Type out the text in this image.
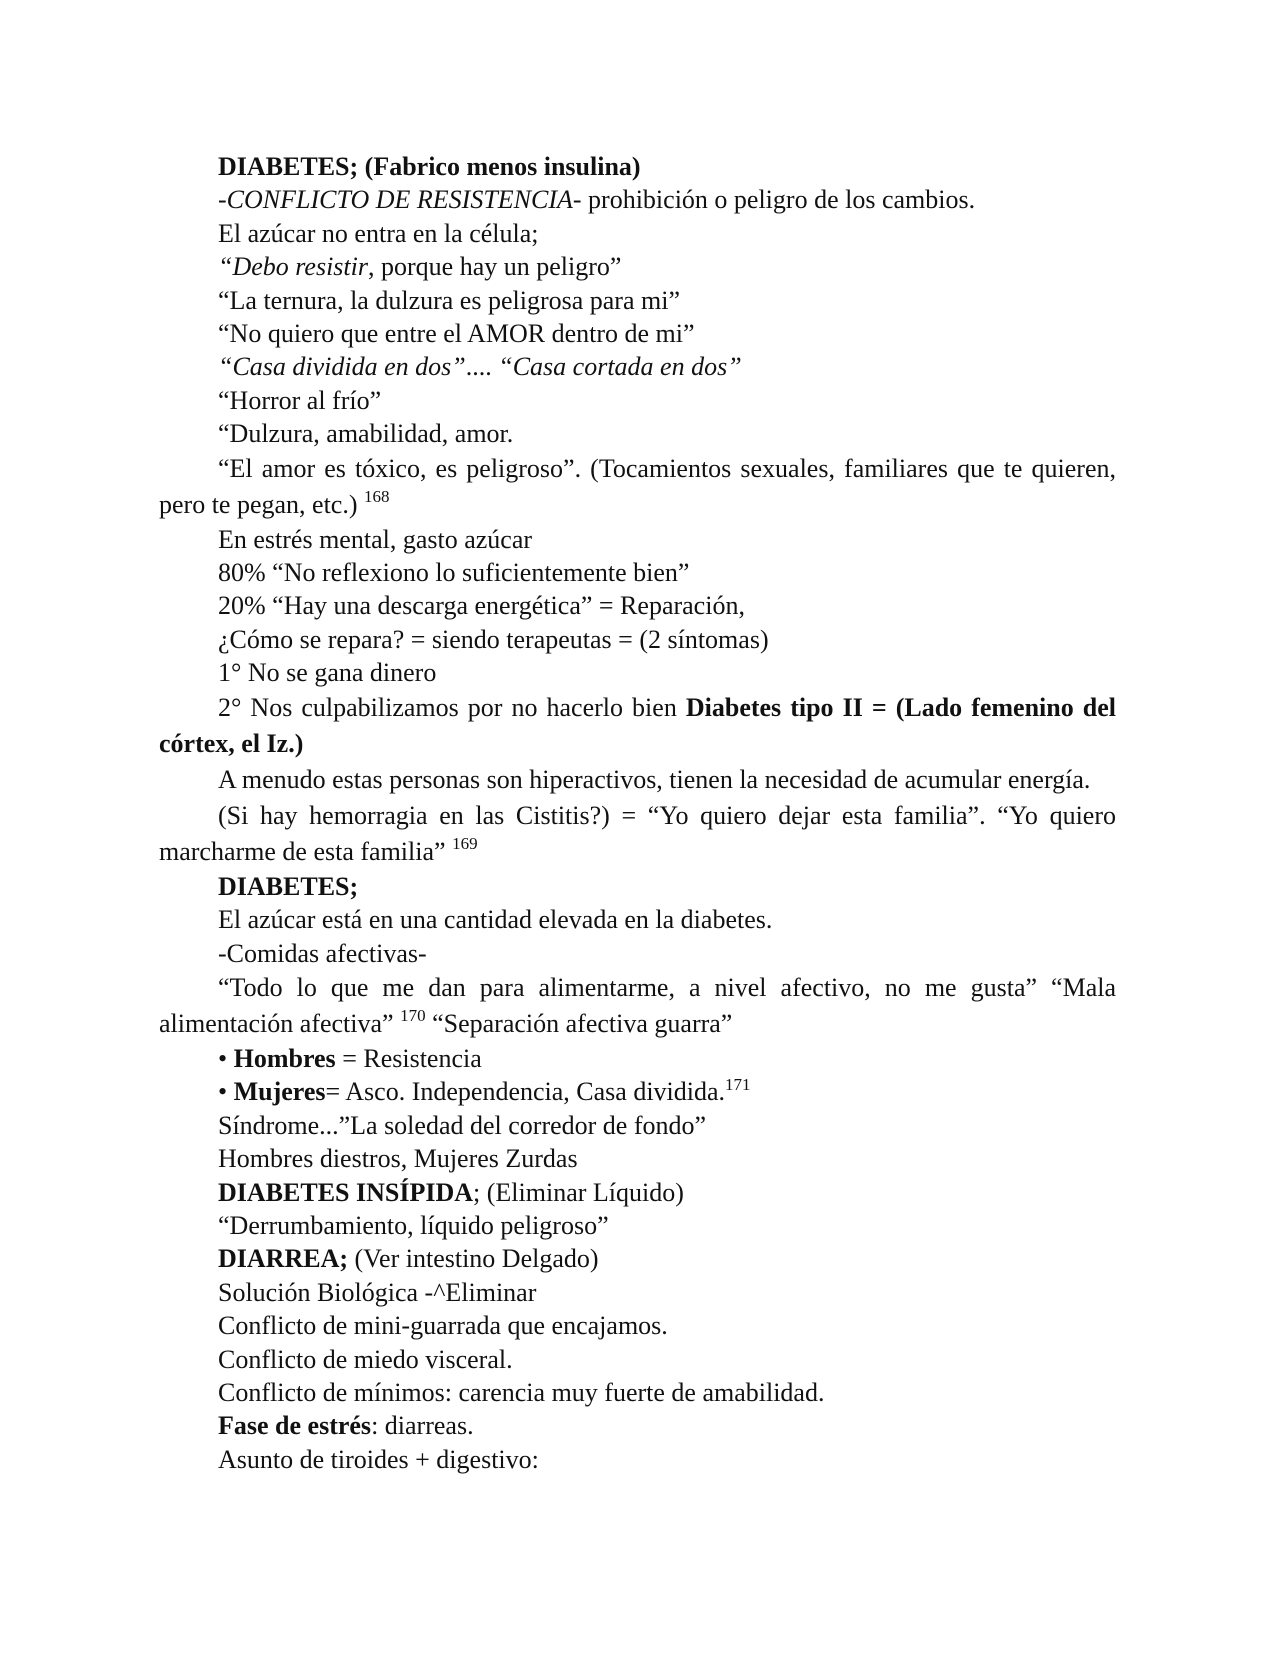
DIABETES; (Fabrico menos insulina)

-CONFLICTO DE RESISTENCIA- prohibición o peligro de los cambios.

El azúcar no entra en la célula;

“Debo resistir, porque hay un peligro”

“La ternura, la dulzura es peligrosa para mi”

“No quiero que entre el AMOR dentro de mi”

“Casa dividida en dos”.... “Casa cortada en dos”

“Horror al frío”

“Dulzura, amabilidad, amor.

“El amor es tóxico, es peligroso”. (Tocamientos sexuales, familiares que te quieren, pero te pegan, etc.) $^{168}$

En estrés mental, gasto azúcar

80% “No reflexiono lo suficientemente bien”

20% “Hay una descarga energética” = Reparación,

¿Cómo se repara? = siendo terapeutas = (2 síntomas)

1° No se gana dinero

2° Nos culpabilizamos por no hacerlo bien Diabetes tipo II = (Lado femenino del córtex, el Iz.)

A menudo estas personas son hiperactivos, tienen la necesidad de acumular energía.

(Si hay hemorragia en las Cistitis?) = “Yo quiero dejar esta familia”. “Yo quiero marcharme de esta familia” $^{169}$

DIABETES;

El azúcar está en una cantidad elevada en la diabetes.

-Comidas afectivas-

“Todo lo que me dan para alimentarme, a nivel afectivo, no me gusta” “Mala alimentación afectiva” $^{170}$ “Separación afectiva guarra”

• Hombres = Resistencia

• Mujeres= Asco. Independencia, Casa dividida.$^{171}$

Síndrome...”La soledad del corredor de fondo”

Hombres diestros, Mujeres Zurdas

DIABETES INSÍPIDA; (Eliminar Líquido)

“Derrumbamiento, líquido peligroso”

DIARREA; (Ver intestino Delgado)

Solución Biológica -^Eliminar

Conflicto de mini-guarrada que encajamos.

Conflicto de miedo visceral.

Conflicto de mínimos: carencia muy fuerte de amabilidad.

Fase de estrés: diarreas.

Asunto de tiroides + digestivo:
